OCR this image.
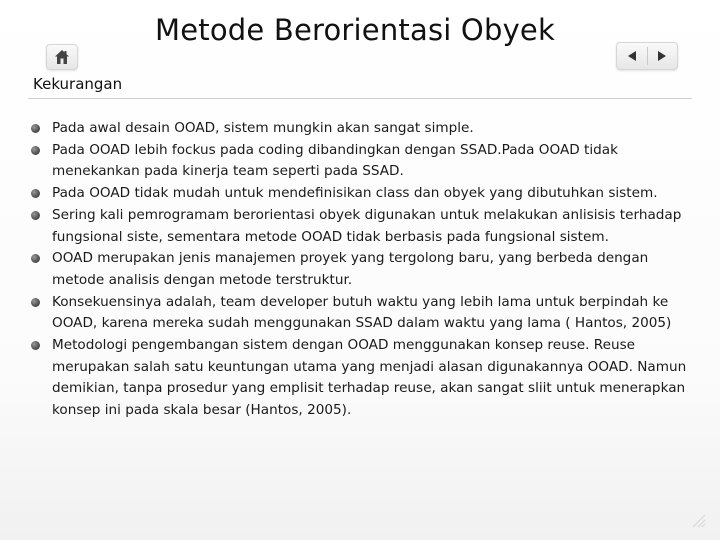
Metode Berorientasi Obyek
Kekurangan
Pada awal desain OOAD, sistem mungkin akan sangat simple.
Pada OOAD lebih fockus pada coding dibandingkan dengan SSAD.Pada OOAD tidak menekankan pada kinerja team seperti pada SSAD.
Pada OOAD tidak mudah untuk mendefinisikan class dan obyek yang dibutuhkan sistem.
Sering kali pemrogramam berorientasi obyek digunakan untuk melakukan anlisisis terhadap fungsional siste, sementara metode OOAD tidak berbasis pada fungsional sistem.
OOAD merupakan jenis manajemen proyek yang tergolong baru, yang berbeda dengan metode analisis dengan metode terstruktur.
Konsekuensinya adalah, team developer butuh waktu yang lebih lama untuk berpindah ke OOAD, karena mereka sudah menggunakan SSAD dalam waktu yang lama ( Hantos, 2005)
Metodologi pengembangan sistem dengan OOAD menggunakan konsep reuse. Reuse merupakan salah satu keuntungan utama yang menjadi alasan digunakannya OOAD. Namun demikian, tanpa prosedur yang emplisit terhadap reuse, akan sangat sliit untuk menerapkan konsep ini pada skala besar (Hantos, 2005).
